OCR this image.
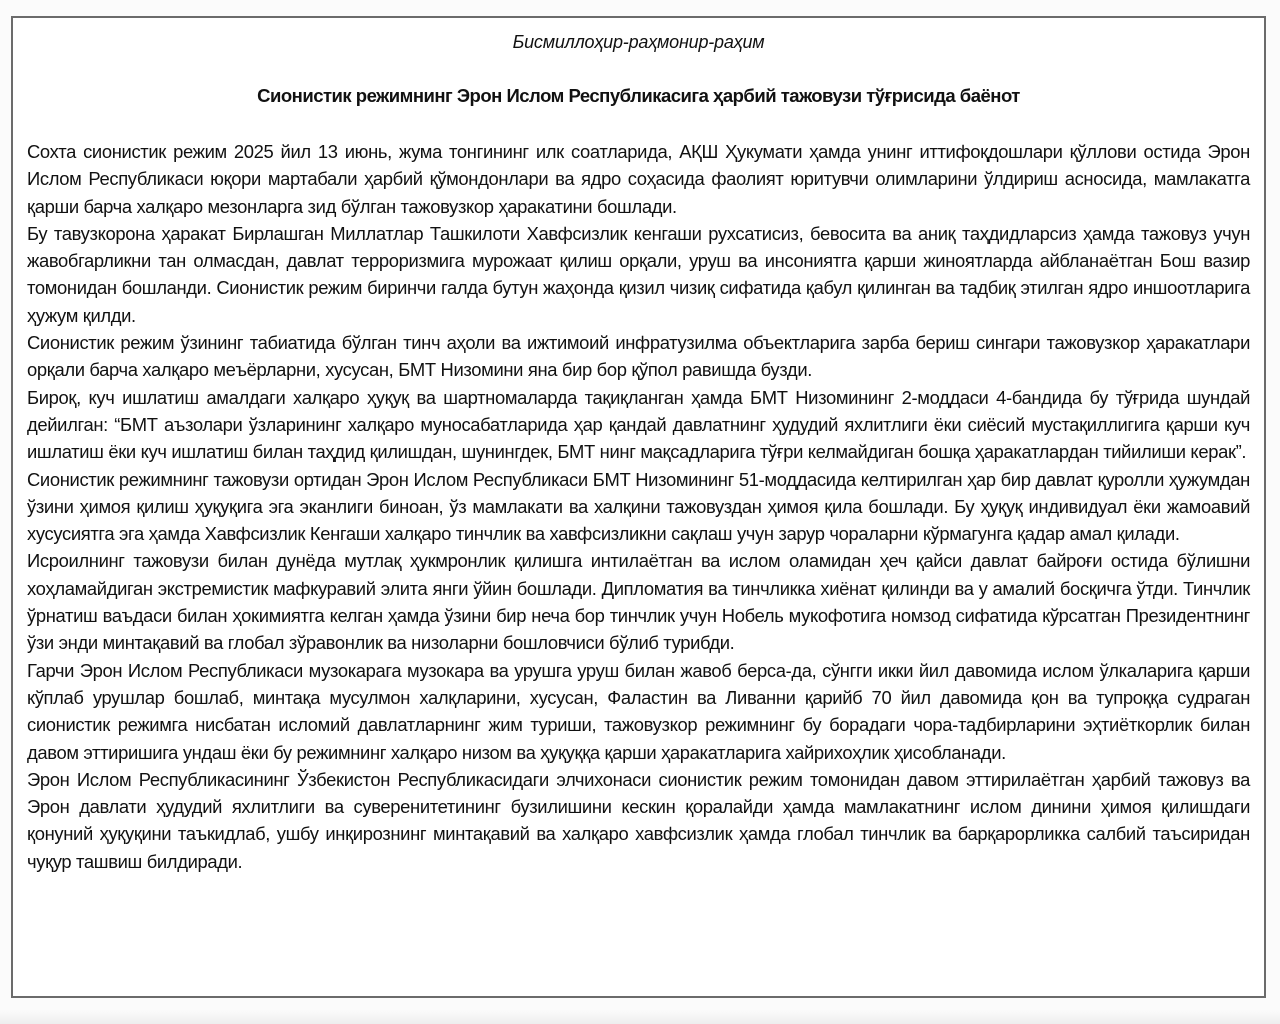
Бисмиллоҳир-раҳмонир-раҳим
Сионистик режимнинг Эрон Ислом Республикасига ҳарбий тажовузи тўғрисида баёнот

Сохта сионистик режим 2025 йил 13 июнь, жума тонгининг илк соатларида, АҚШ Ҳукумати ҳамда унинг иттифоқдошлари қўллови остида Эрон Ислом Республикаси юқори мартабали ҳарбий қўмондонлари ва ядро соҳасида фаолият юритувчи олимларини ўлдириш асносида, мамлакатга қарши барча халқаро мезонларга зид бўлган тажовузкор ҳаракатини бошлади.

Бу тавузкорона ҳаракат Бирлашган Миллатлар Ташкилоти Хавфсизлик кенгаши рухсатисиз, бевосита ва аниқ таҳдидларсиз ҳамда тажовуз учун жавобгарликни тан олмасдан, давлат терроризмига мурожаат қилиш орқали, уруш ва инсониятга қарши жиноятларда айбланаётган Бош вазир томонидан бошланди. Сионистик режим биринчи галда бутун жаҳонда қизил чизиқ сифатида қабул қилинган ва тадбиқ этилган ядро иншоотларига ҳужум қилди.

Сионистик режим ўзининг табиатида бўлган тинч аҳоли ва ижтимоий инфратузилма объектларига зарба бериш сингари тажовузкор ҳаракатлари орқали барча халқаро меъёрларни, хусусан, БМТ Низомини яна бир бор қўпол равишда бузди.

Бироқ, куч ишлатиш амалдаги халқаро ҳуқуқ ва шартномаларда тақиқланган ҳамда БМТ Низомининг 2-моддаси 4-бандида бу тўғрида шундай дейилган: “БМТ аъзолари ўзларининг халқаро муносабатларида ҳар қандай давлатнинг ҳудудий яхлитлиги ёки сиёсий мустақиллигига қарши куч ишлатиш ёки куч ишлатиш билан таҳдид қилишдан, шунингдек, БМТ нинг мақсадларига тўғри келмайдиган бошқа ҳаракатлардан тийилиши керак”.

Сионистик режимнинг тажовузи ортидан Эрон Ислом Республикаси БМТ Низомининг 51-моддасида келтирилган ҳар бир давлат қуролли ҳужумдан ўзини ҳимоя қилиш ҳуқуқига эга эканлиги биноан, ўз мамлакати ва халқини тажовуздан ҳимоя қила бошлади. Бу ҳуқуқ индивидуал ёки жамоавий хусусиятга эга ҳамда Хавфсизлик Кенгаши халқаро тинчлик ва хавфсизликни сақлаш учун зарур чораларни кўрмагунга қадар амал қилади.

Исроилнинг тажовузи билан дунёда мутлақ ҳукмронлик қилишга интилаётган ва ислом оламидан ҳеч қайси давлат байроғи остида бўлишни хоҳламайдиган экстремистик мафкуравий элита янги ўйин бошлади. Дипломатия ва тинчликка хиёнат қилинди ва у амалий босқичга ўтди. Тинчлик ўрнатиш ваъдаси билан ҳокимиятга келган ҳамда ўзини бир неча бор тинчлик учун Нобель мукофотига номзод сифатида кўрсатган Президентнинг ўзи энди минтақавий ва глобал зўравонлик ва низоларни бошловчиси бўлиб турибди.

Гарчи Эрон Ислом Республикаси музокарага музокара ва урушга уруш билан жавоб берса-да, сўнгги икки йил давомида ислом ўлкаларига қарши кўплаб урушлар бошлаб, минтақа мусулмон халқларини, хусусан, Фаластин ва Ливанни қарийб 70 йил давомида қон ва тупроққа судраган сионистик режимга нисбатан исломий давлатларнинг жим туриши, тажовузкор режимнинг бу борадаги чора-тадбирларини эҳтиёткорлик билан давом эттиришига ундаш ёки бу режимнинг халқаро низом ва ҳуқуққа қарши ҳаракатларига хайрихоҳлик ҳисобланади.

Эрон Ислом Республикасининг Ўзбекистон Республикасидаги элчихонаси сионистик режим томонидан давом эттирилаётган ҳарбий тажовуз ва Эрон давлати ҳудудий яхлитлиги ва суверенитетининг бузилишини кескин қоралайди ҳамда мамлакатнинг ислом динини ҳимоя қилишдаги қонуний ҳуқуқини таъкидлаб, ушбу инқирознинг минтақавий ва халқаро хавфсизлик ҳамда глобал тинчлик ва барқарорликка салбий таъсиридан чуқур ташвиш билдиради.
